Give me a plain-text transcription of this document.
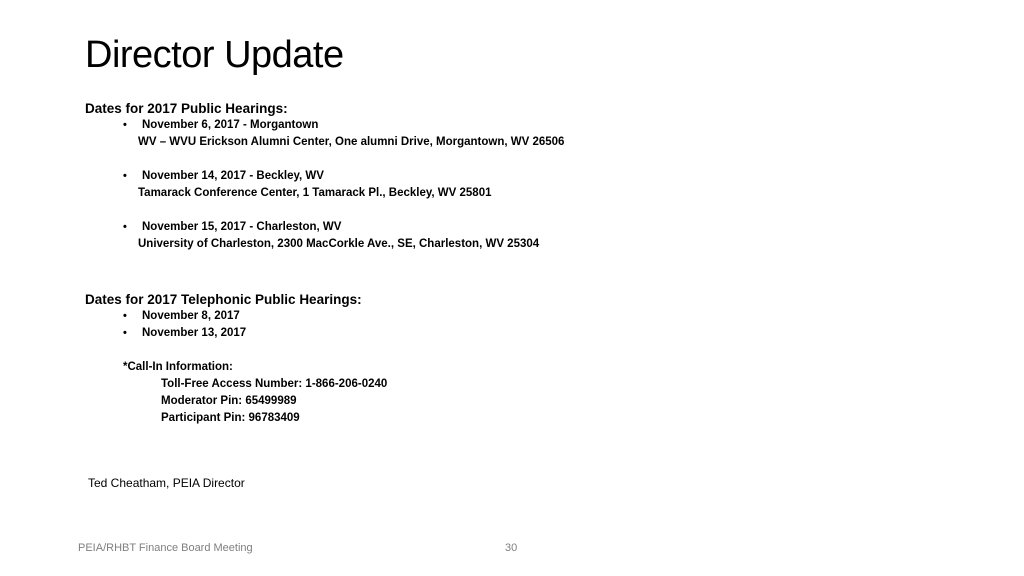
Director Update
Dates for 2017 Public Hearings:
• November 6, 2017 - Morgantown
WV – WVU Erickson Alumni Center, One alumni Drive, Morgantown, WV 26506
• November 14, 2017 - Beckley, WV
Tamarack Conference Center, 1 Tamarack Pl., Beckley, WV 25801
• November 15, 2017 - Charleston, WV
University of Charleston, 2300 MacCorkle Ave., SE, Charleston, WV 25304
Dates for 2017 Telephonic Public Hearings:
• November 8, 2017
• November 13, 2017
*Call-In Information:
Toll-Free Access Number: 1-866-206-0240
Moderator Pin: 65499989
Participant Pin: 96783409
Ted Cheatham, PEIA Director
PEIA/RHBT Finance Board Meeting	30
